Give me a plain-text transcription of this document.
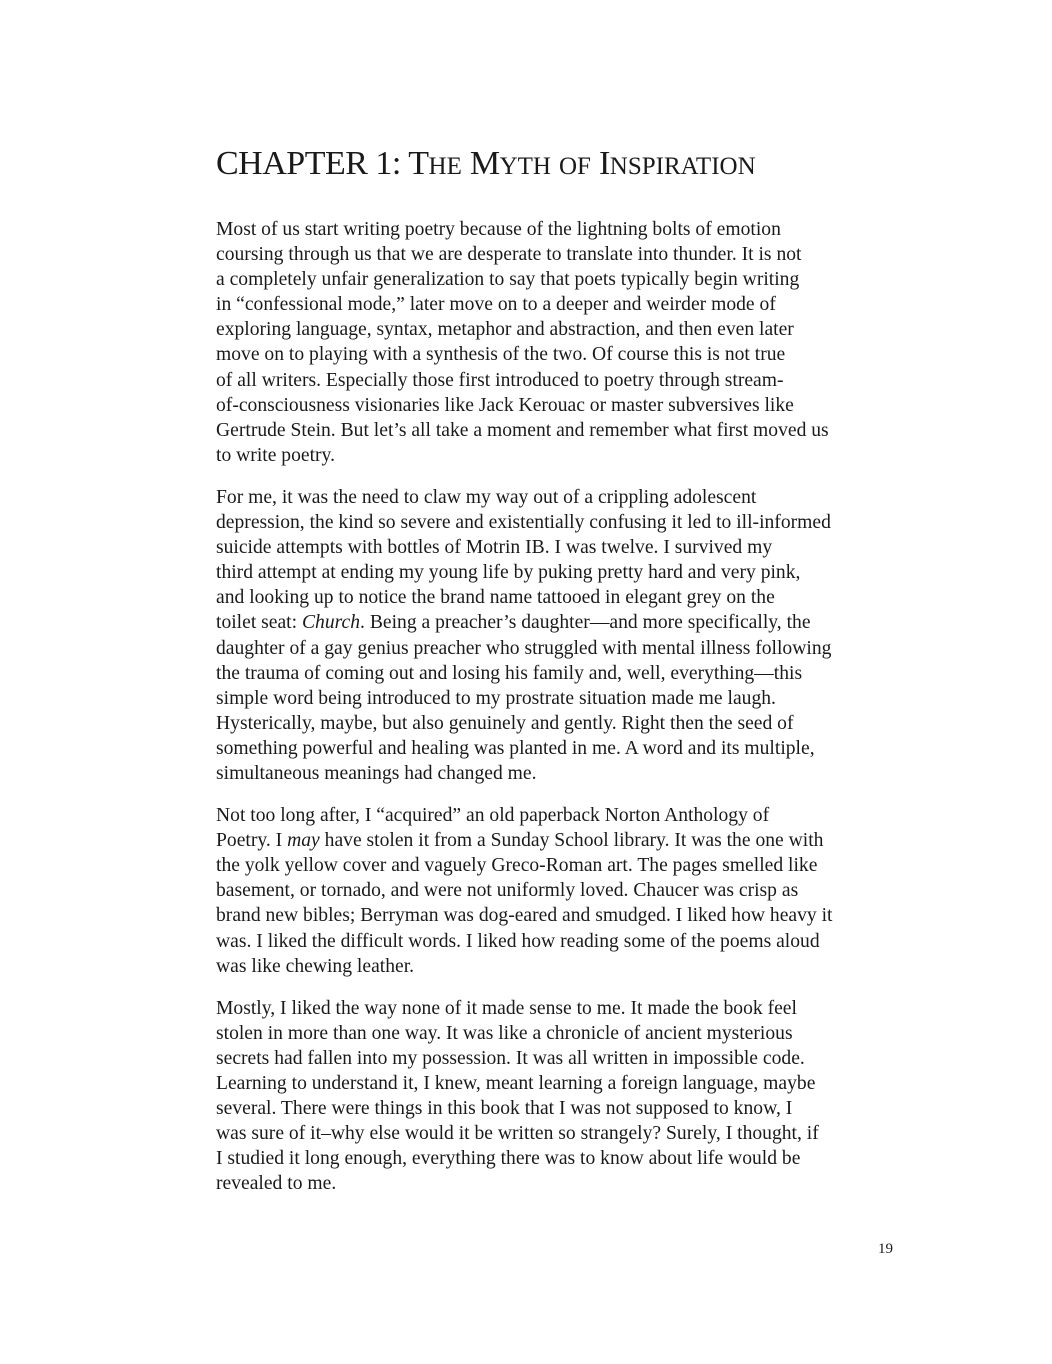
CHAPTER 1: THE MYTH OF INSPIRATION

Most of us start writing poetry because of the lightning bolts of emotion
coursing through us that we are desperate to translate into thunder. It is not
a completely unfair generalization to say that poets typically begin writing
in “confessional mode,” later move on to a deeper and weirder mode of
exploring language, syntax, metaphor and abstraction, and then even later
move on to playing with a synthesis of the two. Of course this is not true
of all writers. Especially those first introduced to poetry through stream-
of-consciousness visionaries like Jack Kerouac or master subversives like
Gertrude Stein. But let’s all take a moment and remember what first moved us
to write poetry.

For me, it was the need to claw my way out of a crippling adolescent
depression, the kind so severe and existentially confusing it led to ill-informed
suicide attempts with bottles of Motrin IB. I was twelve. I survived my
third attempt at ending my young life by puking pretty hard and very pink,
and looking up to notice the brand name tattooed in elegant grey on the
toilet seat: Church. Being a preacher’s daughter—and more specifically, the
daughter of a gay genius preacher who struggled with mental illness following
the trauma of coming out and losing his family and, well, everything—this
simple word being introduced to my prostrate situation made me laugh.
Hysterically, maybe, but also genuinely and gently. Right then the seed of
something powerful and healing was planted in me. A word and its multiple,
simultaneous meanings had changed me.

Not too long after, I “acquired” an old paperback Norton Anthology of
Poetry. I may have stolen it from a Sunday School library. It was the one with
the yolk yellow cover and vaguely Greco-Roman art. The pages smelled like
basement, or tornado, and were not uniformly loved. Chaucer was crisp as
brand new bibles; Berryman was dog-eared and smudged. I liked how heavy it
was. I liked the difficult words. I liked how reading some of the poems aloud
was like chewing leather.

Mostly, I liked the way none of it made sense to me. It made the book feel
stolen in more than one way. It was like a chronicle of ancient mysterious
secrets had fallen into my possession. It was all written in impossible code.
Learning to understand it, I knew, meant learning a foreign language, maybe
several. There were things in this book that I was not supposed to know, I
was sure of it–why else would it be written so strangely? Surely, I thought, if
I studied it long enough, everything there was to know about life would be
revealed to me.

19
